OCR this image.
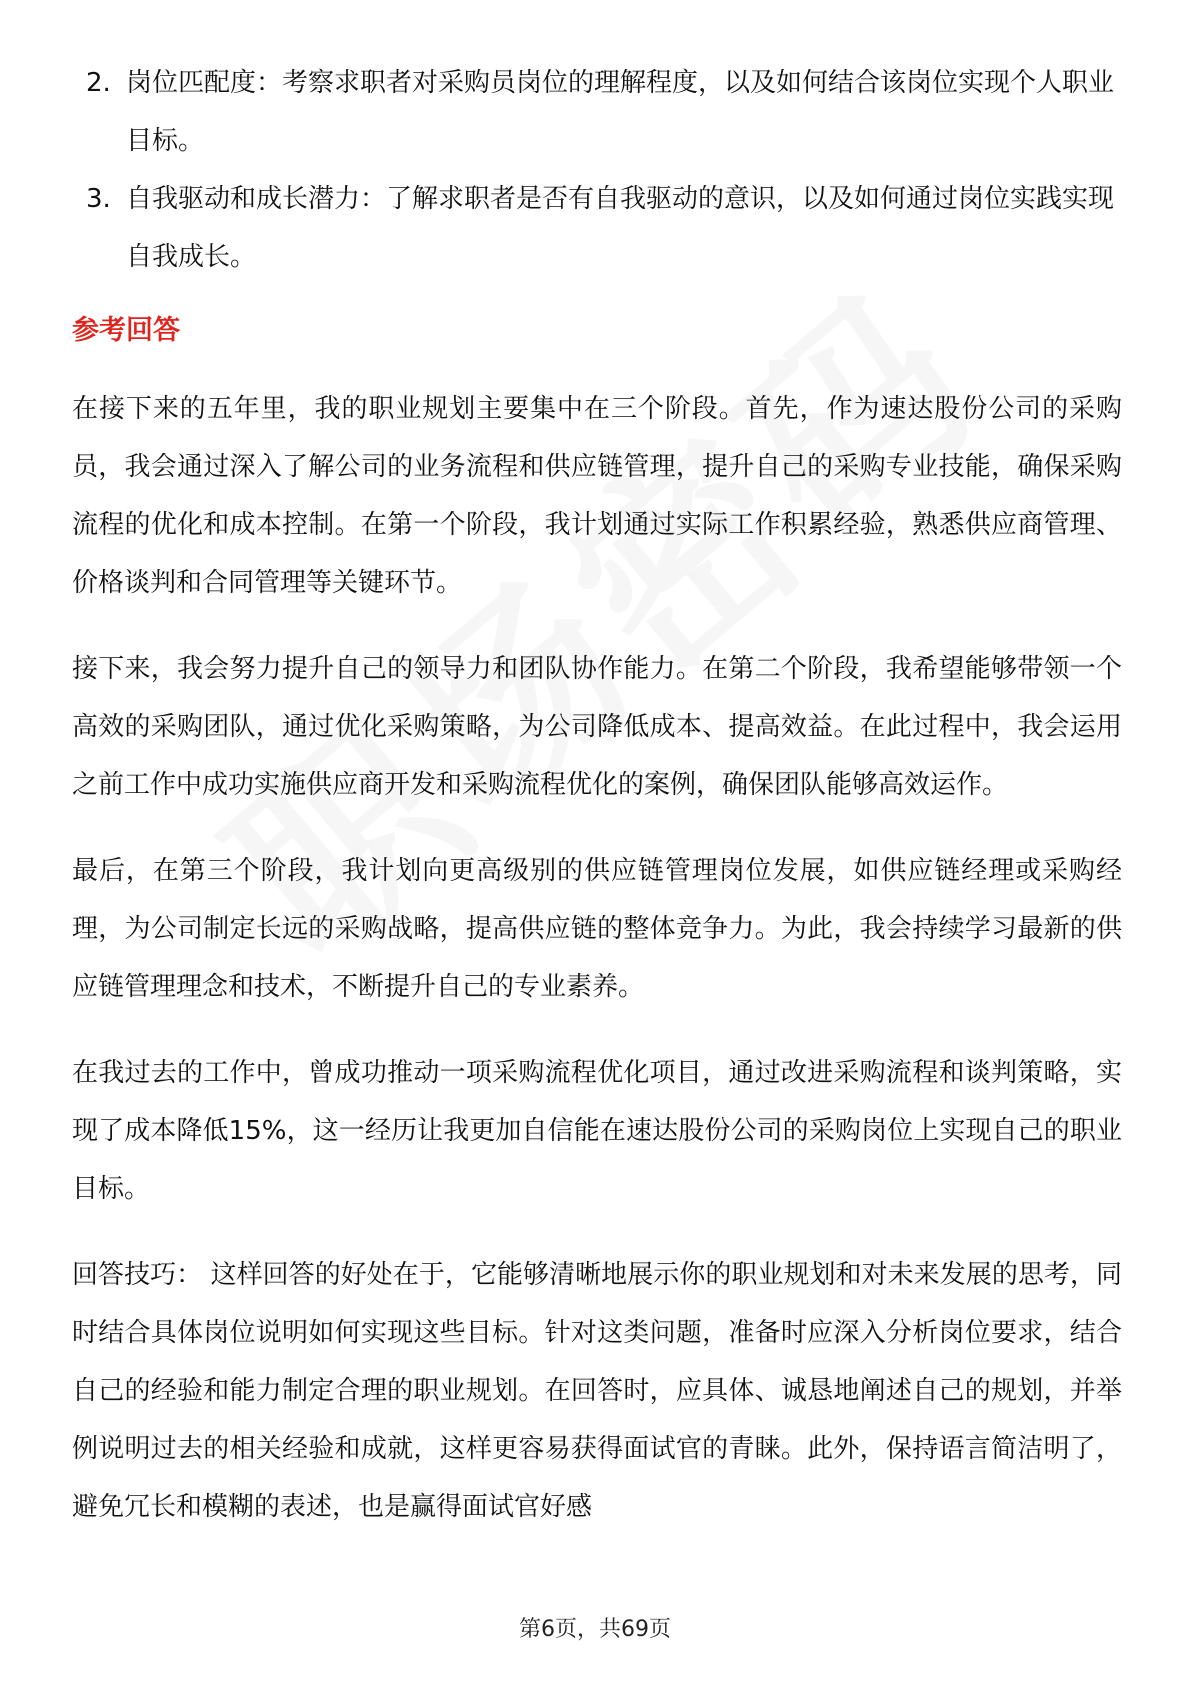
2. 岗位匹配度：考察求职者对采购员岗位的理解程度，以及如何结合该岗位实现个人职业目标。
3. 自我驱动和成长潜力：了解求职者是否有自我驱动的意识，以及如何通过岗位实践实现自我成长。
参考回答

在接下来的五年里，我的职业规划主要集中在三个阶段。首先，作为速达股份公司的采购员，我会通过深入了解公司的业务流程和供应链管理，提升自己的采购专业技能，确保采购流程的优化和成本控制。在第一个阶段，我计划通过实际工作积累经验，熟悉供应商管理、价格谈判和合同管理等关键环节。

接下来，我会努力提升自己的领导力和团队协作能力。在第二个阶段，我希望能够带领一个高效的采购团队，通过优化采购策略，为公司降低成本、提高效益。在此过程中，我会运用之前工作中成功实施供应商开发和采购流程优化的案例，确保团队能够高效运作。

最后，在第三个阶段，我计划向更高级别的供应链管理岗位发展，如供应链经理或采购经理，为公司制定长远的采购战略，提高供应链的整体竞争力。为此，我会持续学习最新的供应链管理理念和技术，不断提升自己的专业素养。

在我过去的工作中，曾成功推动一项采购流程优化项目，通过改进采购流程和谈判策略，实现了成本降低15%，这一经历让我更加自信能在速达股份公司的采购岗位上实现自己的职业目标。

回答技巧： 这样回答的好处在于，它能够清晰地展示你的职业规划和对未来发展的思考，同时结合具体岗位说明如何实现这些目标。针对这类问题，准备时应深入分析岗位要求，结合自己的经验和能力制定合理的职业规划。在回答时，应具体、诚恳地阐述自己的规划，并举例说明过去的相关经验和成就，这样更容易获得面试官的青睐。此外，保持语言简洁明了，避免冗长和模糊的表述，也是赢得面试官好感

第6页，共69页
